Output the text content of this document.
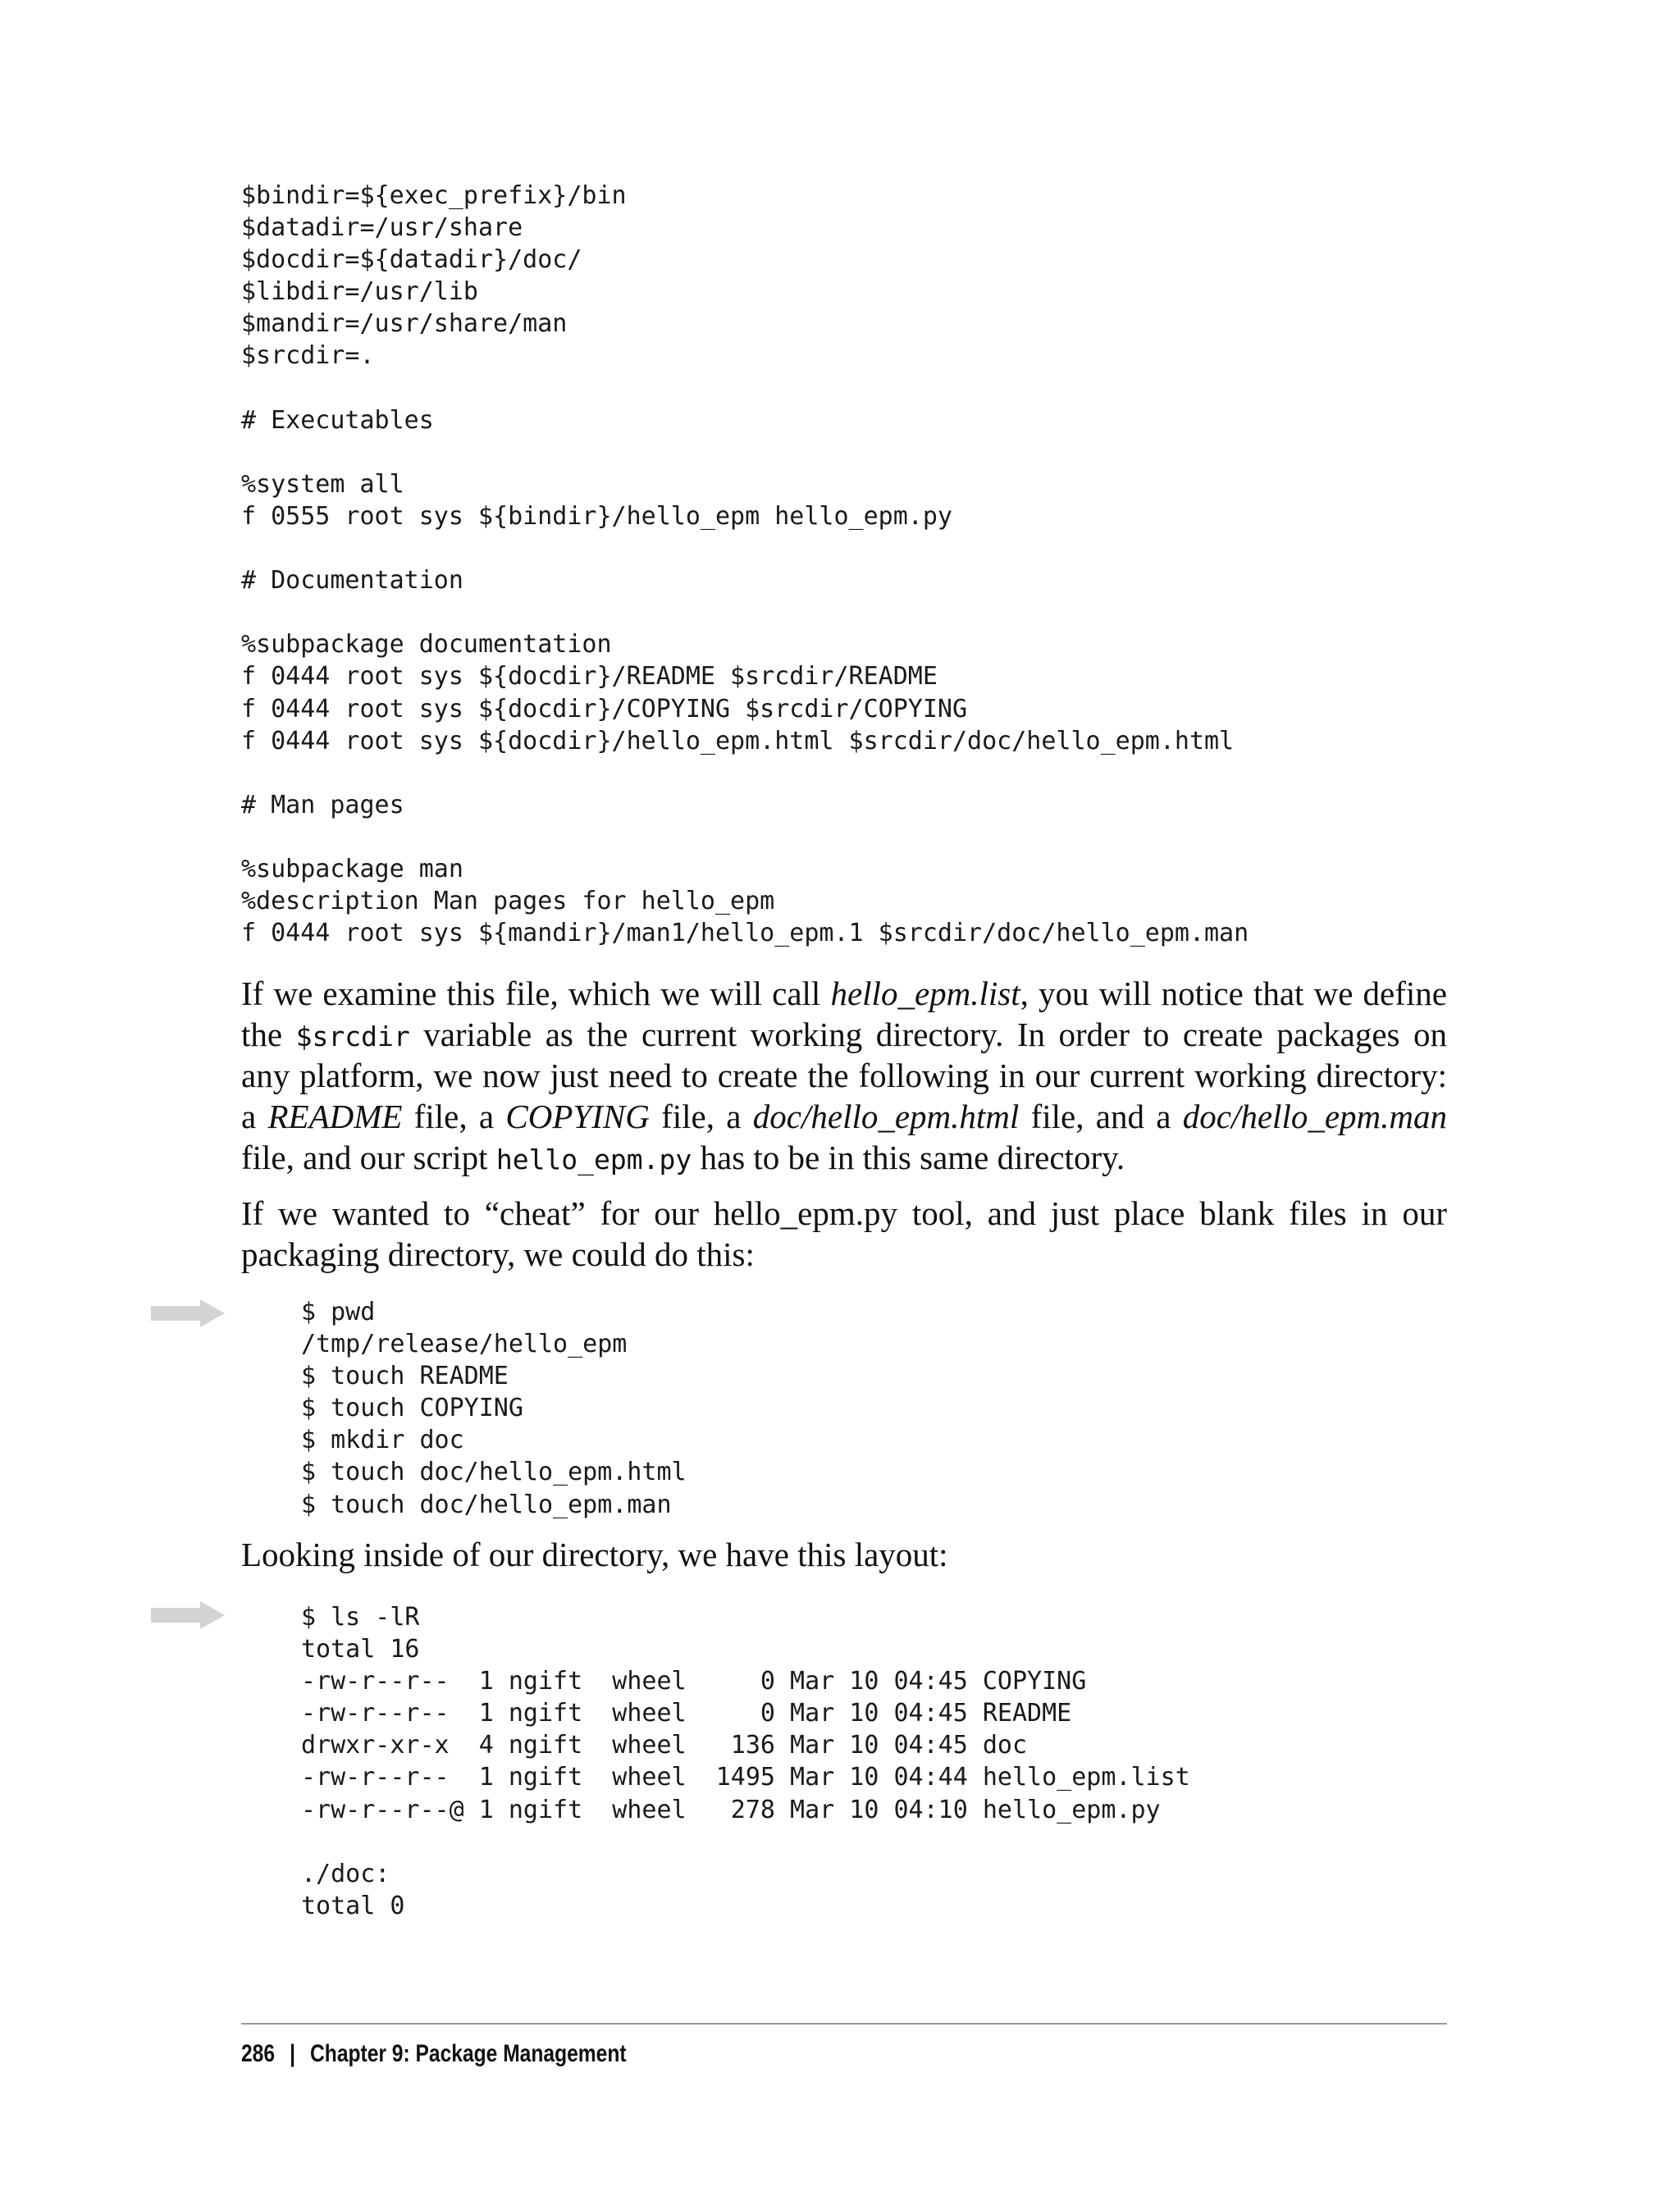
$bindir=${exec_prefix}/bin
$datadir=/usr/share
$docdir=${datadir}/doc/
$libdir=/usr/lib
$mandir=/usr/share/man
$srcdir=.
# Executables
%system all
f 0555 root sys ${bindir}/hello_epm hello_epm.py
# Documentation
%subpackage documentation
f 0444 root sys ${docdir}/README $srcdir/README
f 0444 root sys ${docdir}/COPYING $srcdir/COPYING
f 0444 root sys ${docdir}/hello_epm.html $srcdir/doc/hello_epm.html
# Man pages
%subpackage man
%description Man pages for hello_epm
f 0444 root sys ${mandir}/man1/hello_epm.1 $srcdir/doc/hello_epm.man
If we examine this file, which we will call hello_epm.list, you will notice that we define
the $srcdir variable as the current working directory. In order to create packages on
any platform, we now just need to create the following in our current working directory:
a README file, a COPYING file, a doc/hello_epm.html file, and a doc/hello_epm.man
file, and our script hello_epm.py has to be in this same directory.
If we wanted to “cheat” for our hello_epm.py tool, and just place blank files in our
packaging directory, we could do this:
$ pwd
/tmp/release/hello_epm
$ touch README
$ touch COPYING
$ mkdir doc
$ touch doc/hello_epm.html
$ touch doc/hello_epm.man
Looking inside of our directory, we have this layout:
$ ls -lR
total 16
-rw-r--r--  1 ngift  wheel     0 Mar 10 04:45 COPYING
-rw-r--r--  1 ngift  wheel     0 Mar 10 04:45 README
drwxr-xr-x  4 ngift  wheel   136 Mar 10 04:45 doc
-rw-r--r--  1 ngift  wheel  1495 Mar 10 04:44 hello_epm.list
-rw-r--r--@ 1 ngift  wheel   278 Mar 10 04:10 hello_epm.py
./doc:
total 0
286 | Chapter 9: Package Management
